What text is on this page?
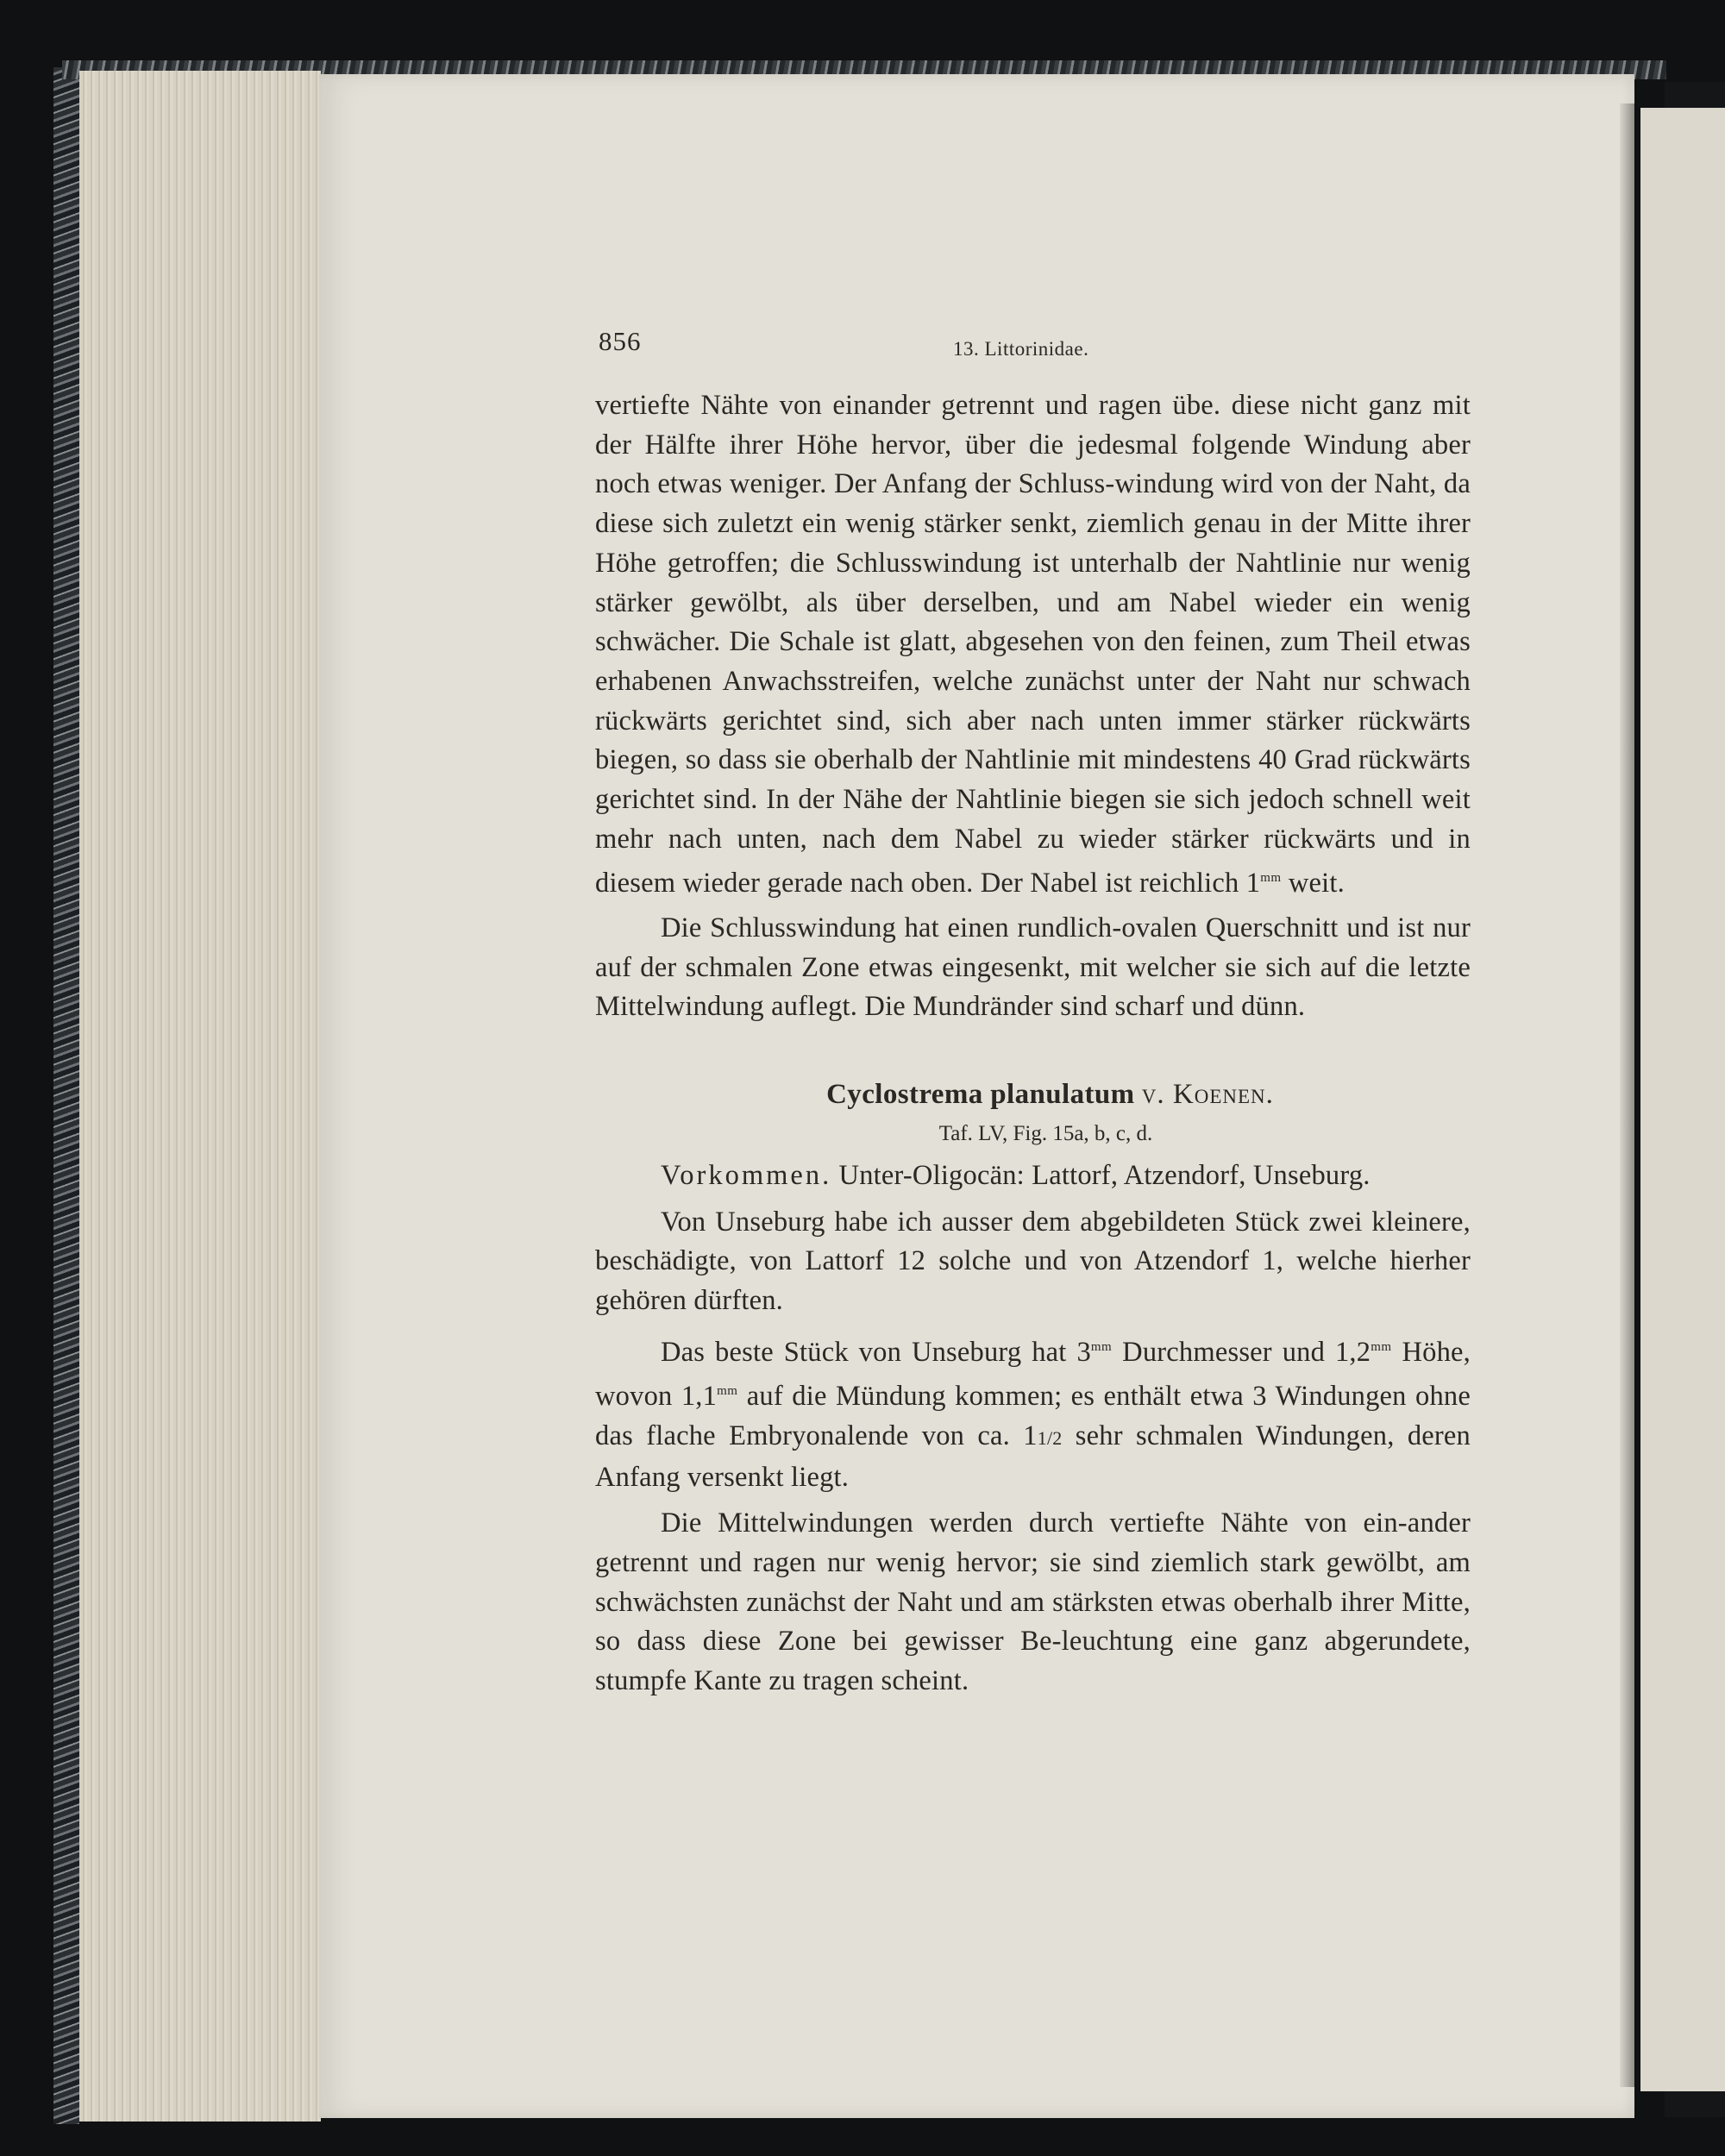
856	13. Littorinidae.

vertiefte Nähte von einander getrennt und ragen übe. diese nicht ganz mit der Hälfte ihrer Höhe hervor, über die jedesmal folgende Windung aber noch etwas weniger. Der Anfang der Schluss-windung wird von der Naht, da diese sich zuletzt ein wenig stärker senkt, ziemlich genau in der Mitte ihrer Höhe getroffen; die Schlusswindung ist unterhalb der Nahtlinie nur wenig stärker gewölbt, als über derselben, und am Nabel wieder ein wenig schwächer. Die Schale ist glatt, abgesehen von den feinen, zum Theil etwas erhabenen Anwachsstreifen, welche zunächst unter der Naht nur schwach rückwärts gerichtet sind, sich aber nach unten immer stärker rückwärts biegen, so dass sie oberhalb der Nahtlinie mit mindestens 40 Grad rückwärts gerichtet sind. In der Nähe der Nahtlinie biegen sie sich jedoch schnell weit mehr nach unten, nach dem Nabel zu wieder stärker rückwärts und in diesem wieder gerade nach oben. Der Nabel ist reichlich $1^{mm}$ weit.

Die Schlusswindung hat einen rundlich-ovalen Querschnitt und ist nur auf der schmalen Zone etwas eingesenkt, mit welcher sie sich auf die letzte Mittelwindung auflegt. Die Mundränder sind scharf und dünn.

Cyclostrema planulatum v. Koenen.
Taf. LV, Fig. 15a, b, c, d.

Vorkommen. Unter-Oligocän: Lattorf, Atzendorf, Unseburg.

Von Unseburg habe ich ausser dem abgebildeten Stück zwei kleinere, beschädigte, von Lattorf 12 solche und von Atzendorf 1, welche hierher gehören dürften.

Das beste Stück von Unseburg hat $3^{mm}$ Durchmesser und $1,2^{mm}$ Höhe, wovon $1,1^{mm}$ auf die Mündung kommen; es enthält etwa 3 Windungen ohne das flache Embryonalende von ca. 11/2 sehr schmalen Windungen, deren Anfang versenkt liegt.

Die Mittelwindungen werden durch vertiefte Nähte von ein-ander getrennt und ragen nur wenig hervor; sie sind ziemlich stark gewölbt, am schwächsten zunächst der Naht und am stärksten etwas oberhalb ihrer Mitte, so dass diese Zone bei gewisser Be-leuchtung eine ganz abgerundete, stumpfe Kante zu tragen scheint.
